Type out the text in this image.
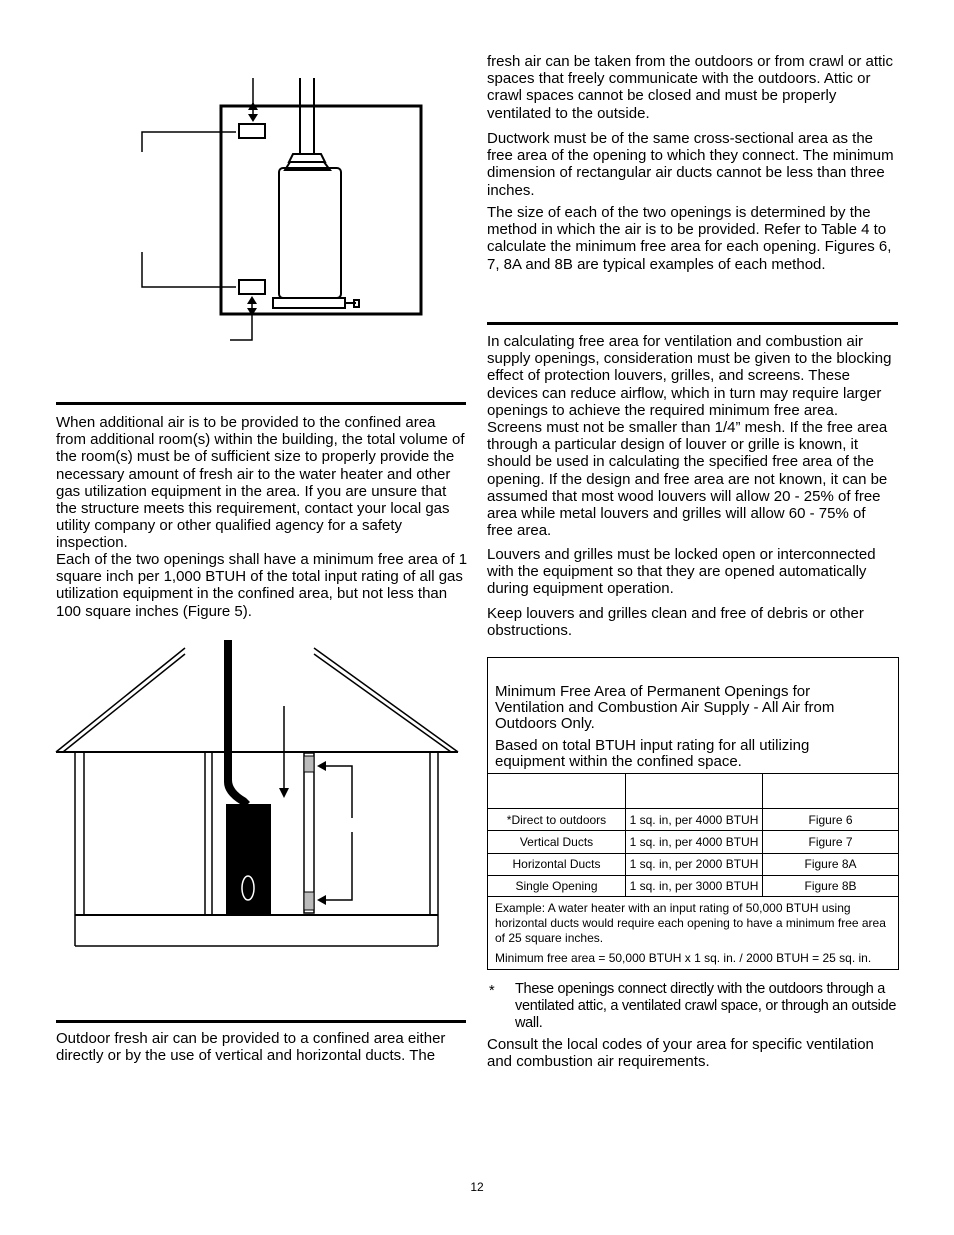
When additional air is to be provided to the confined area from additional room(s) within the building, the total volume of the room(s) must be of sufficient size to properly provide the necessary amount of fresh air to the water heater and other gas utilization equipment in the area. If you are unsure that the structure meets this requirement, contact your local gas utility company or other qualified agency for a safety inspection.

Each of the two openings shall have a minimum free area of 1 square inch per 1,000 BTUH of the total input rating of all gas utilization equipment in the confined area, but not less than 100 square inches (Figure 5).

Outdoor fresh air can be provided to a confined area either directly or by the use of vertical and horizontal ducts. The

fresh air can be taken from the outdoors or from crawl or attic spaces that freely communicate with the outdoors. Attic or crawl spaces cannot be closed and must be properly ventilated to the outside.

Ductwork must be of the same cross-sectional area as the free area of the opening to which they connect. The minimum dimension of rectangular air ducts cannot be less than three inches.

The size of each of the two openings is determined by the method in which the air is to be provided. Refer to Table 4 to calculate the minimum free area for each opening. Figures 6, 7, 8A and 8B are typical examples of each method.

In calculating free area for ventilation and combustion air supply openings, consideration must be given to the blocking effect of protection louvers, grilles, and screens. These devices can reduce airflow, which in turn may require larger openings to achieve the required minimum free area. Screens must not be smaller than 1/4” mesh. If the free area through a particular design of louver or grille is known, it should be used in calculating the specified free area of the opening. If the design and free area are not known, it can be assumed that most wood louvers will allow 20 - 25% of free area while metal louvers and grilles will allow 60 - 75% of free area.

Louvers and grilles must be locked open or interconnected with the equipment so that they are opened automatically during equipment operation.

Keep louvers and grilles clean and free of debris or other obstructions.

Minimum Free Area of Permanent Openings for Ventilation and Combustion Air Supply - All Air from Outdoors Only.
Based on total BTUH input rating for all utilizing equipment within the confined space.
*Direct to outdoors	1 sq. in, per 4000 BTUH	Figure 6
Vertical Ducts	1 sq. in, per 4000 BTUH	Figure 7
Horizontal Ducts	1 sq. in, per 2000 BTUH	Figure 8A
Single Opening	1 sq. in, per 3000 BTUH	Figure 8B
Example: A water heater with an input rating of 50,000 BTUH using horizontal ducts would require each opening to have a minimum free area of 25 square inches.
Minimum free area = 50,000 BTUH x 1 sq. in. / 2000 BTUH = 25 sq. in.
* These openings connect directly with the outdoors through a ventilated attic, a ventilated crawl space, or through an outside wall.

Consult the local codes of your area for specific ventilation and combustion air requirements.

12
